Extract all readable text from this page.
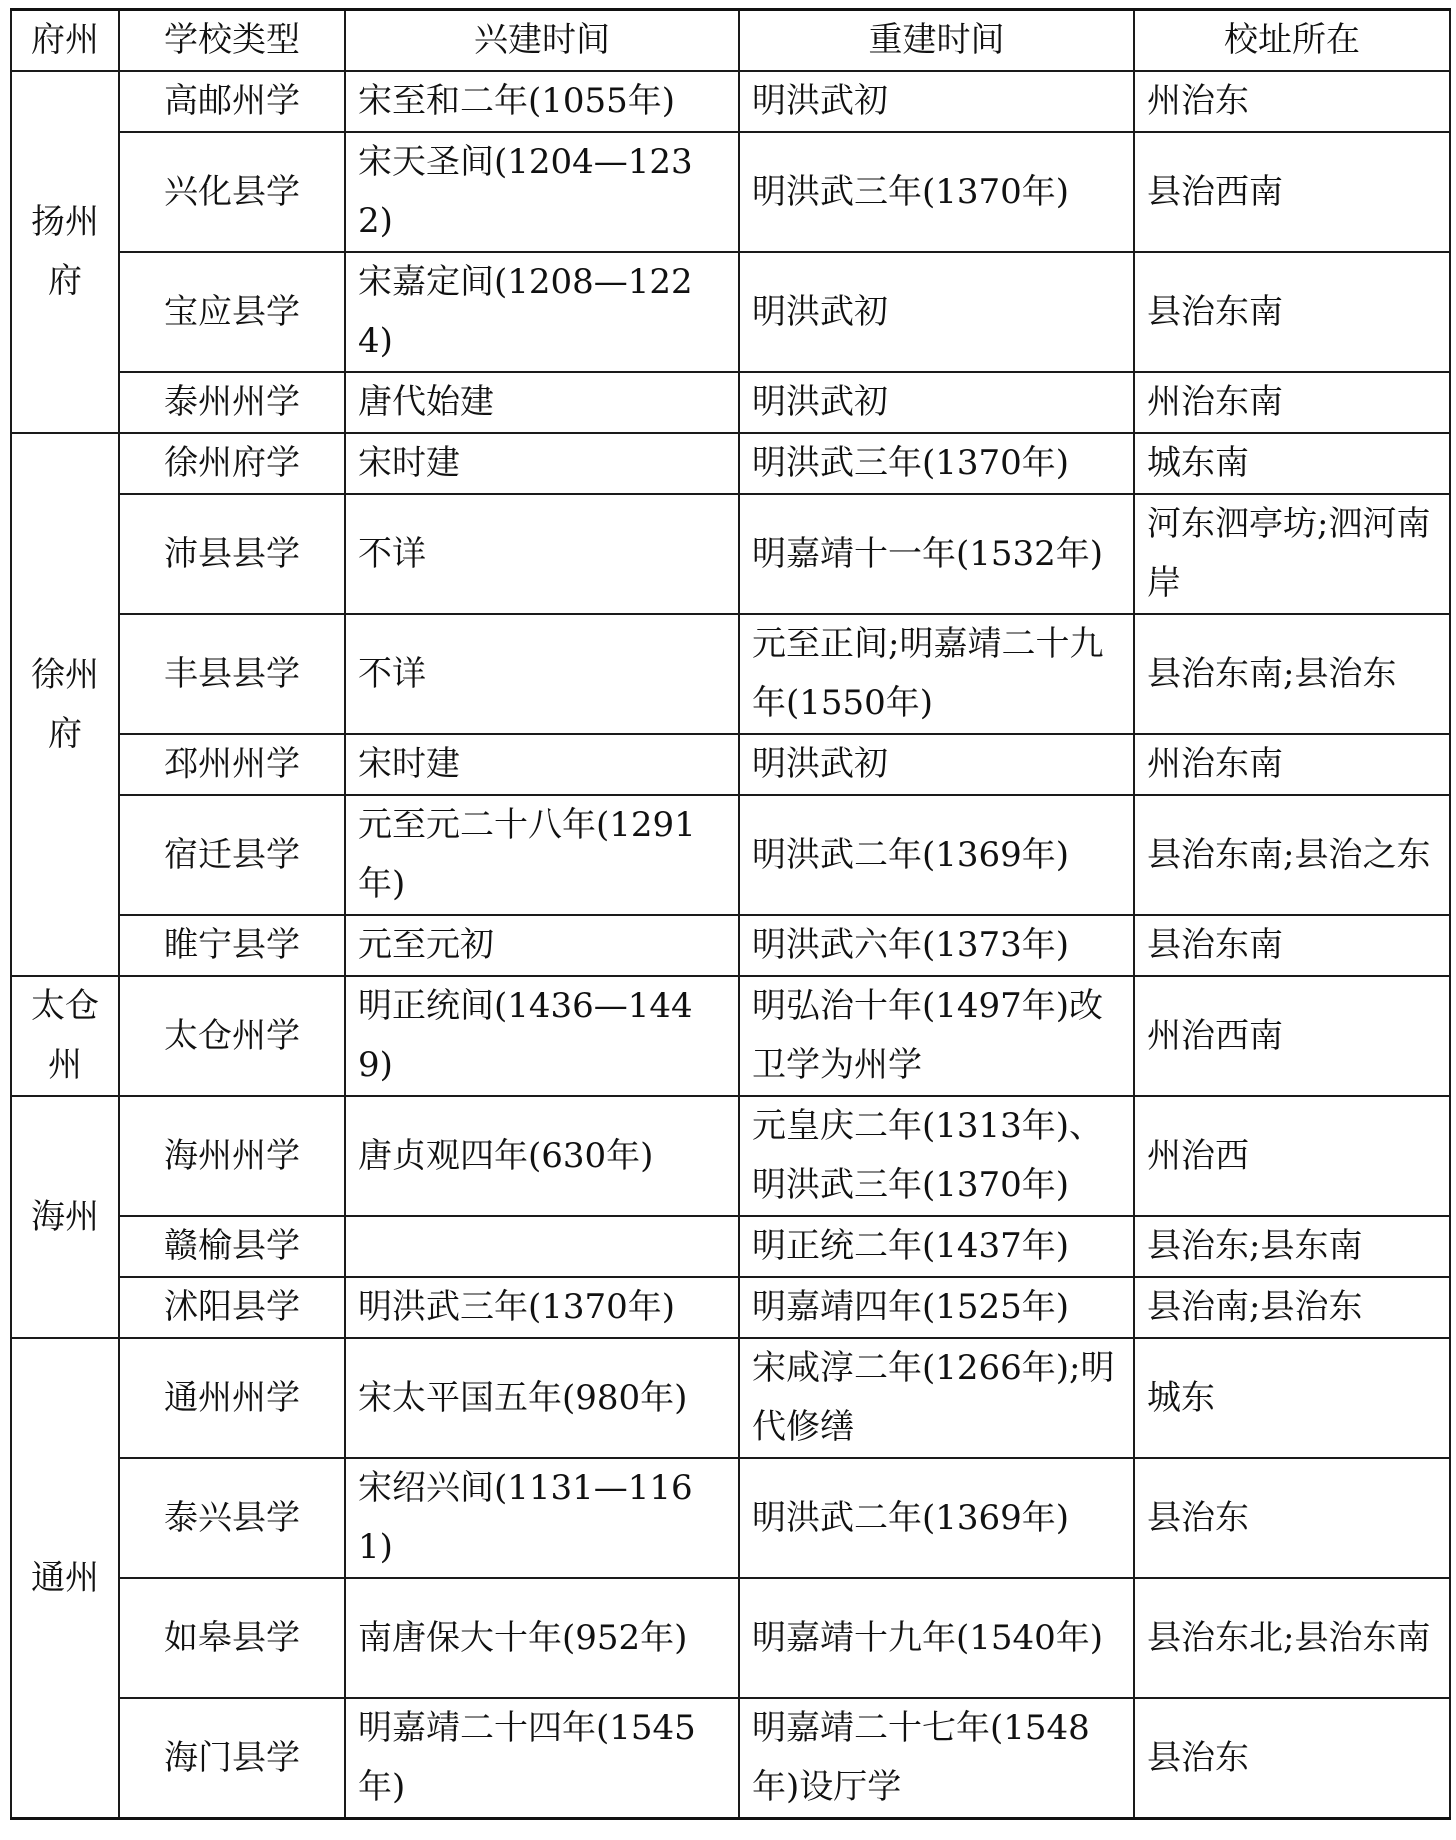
府州	学校类型	兴建时间	重建时间	校址所在
扬州府	高邮州学	宋至和二年(1055年)	明洪武初	州治东
	兴化县学	宋天圣间(1204—1232)	明洪武三年(1370年)	县治西南
	宝应县学	宋嘉定间(1208—1224)	明洪武初	县治东南
	泰州州学	唐代始建	明洪武初	州治东南
徐州府	徐州府学	宋时建	明洪武三年(1370年)	城东南
	沛县县学	不详	明嘉靖十一年(1532年)	河东泗亭坊;泗河南岸
	丰县县学	不详	元至正间;明嘉靖二十九年(1550年)	县治东南;县治东
	邳州州学	宋时建	明洪武初	州治东南
	宿迁县学	元至元二十八年(1291年)	明洪武二年(1369年)	县治东南;县治之东
	睢宁县学	元至元初	明洪武六年(1373年)	县治东南
太仓州	太仓州学	明正统间(1436—1449)	明弘治十年(1497年)改卫学为州学	州治西南
海州	海州州学	唐贞观四年(630年)	元皇庆二年(1313年)、明洪武三年(1370年)	州治西
	赣榆县学		明正统二年(1437年)	县治东;县东南
	沭阳县学	明洪武三年(1370年)	明嘉靖四年(1525年)	县治南;县治东
通州	通州州学	宋太平国五年(980年)	宋咸淳二年(1266年);明代修缮	城东
	泰兴县学	宋绍兴间(1131—1161)	明洪武二年(1369年)	县治东
	如皋县学	南唐保大十年(952年)	明嘉靖十九年(1540年)	县治东北;县治东南
	海门县学	明嘉靖二十四年(1545年)	明嘉靖二十七年(1548年)设厅学	县治东
